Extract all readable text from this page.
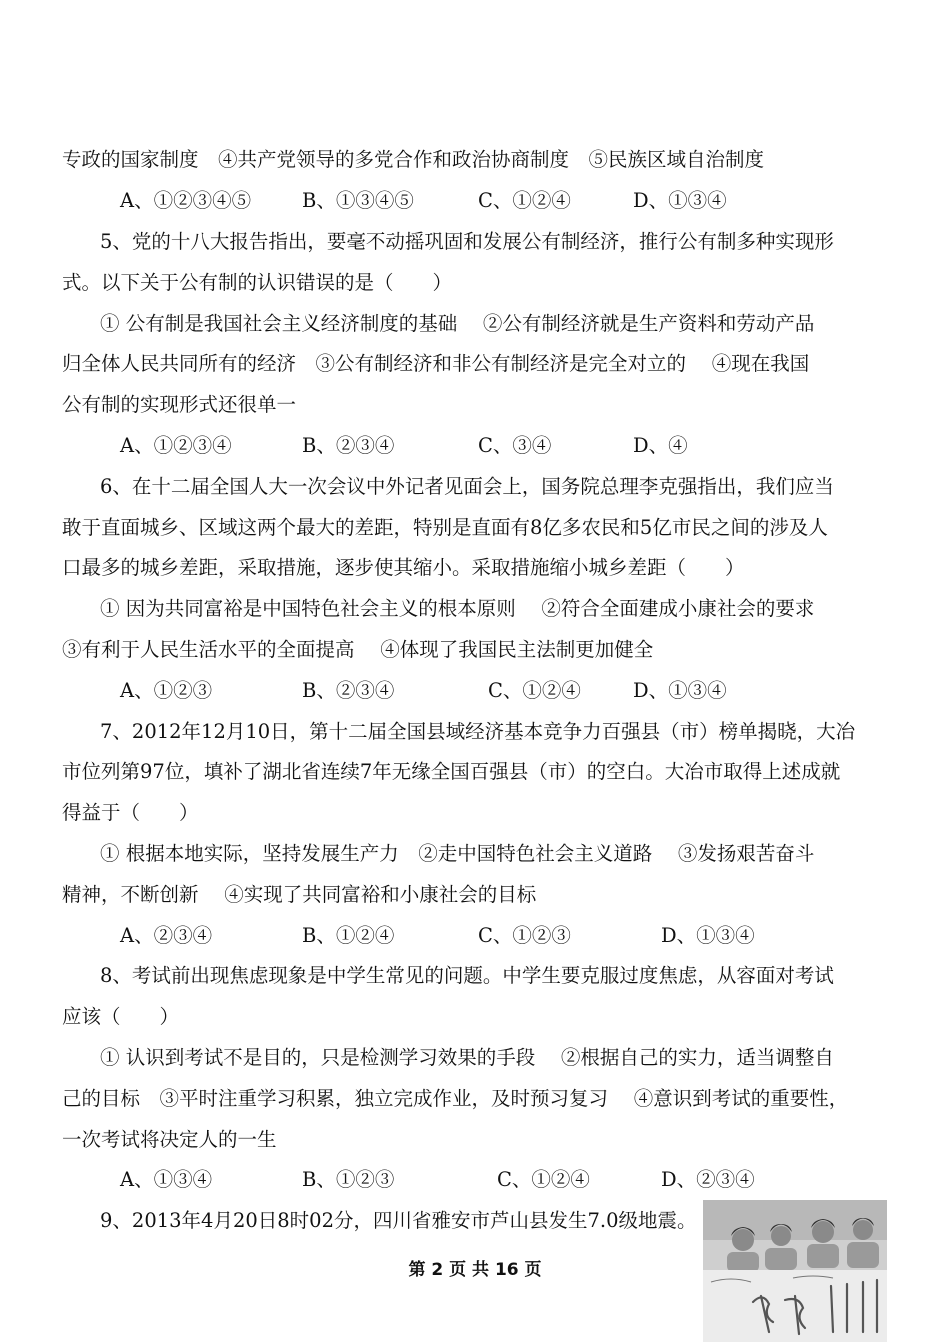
专政的国家制度　④共产党领导的多党合作和政治协商制度　⑤民族区域自治制度
A、①②③④⑤	B、①③④⑤	C、①②④	D、①③④
5、党的十八大报告指出，要毫不动摇巩固和发展公有制经济，推行公有制多种实现形
式。以下关于公有制的认识错误的是（　　）
① 公有制是我国社会主义经济制度的基础　 ②公有制经济就是生产资料和劳动产品
归全体人民共同所有的经济　③公有制经济和非公有制经济是完全对立的　 ④现在我国
公有制的实现形式还很单一
A、①②③④	B、②③④	C、③④	D、④
6、在十二届全国人大一次会议中外记者见面会上，国务院总理李克强指出，我们应当
敢于直面城乡、区域这两个最大的差距，特别是直面有8亿多农民和5亿市民之间的涉及人
口最多的城乡差距，采取措施，逐步使其缩小。采取措施缩小城乡差距（　　）
① 因为共同富裕是中国特色社会主义的根本原则　 ②符合全面建成小康社会的要求
③有利于人民生活水平的全面提高　 ④体现了我国民主法制更加健全
A、①②③	B、②③④	C、①②④	D、①③④
7、2012年12月10日，第十二届全国县域经济基本竞争力百强县（市）榜单揭晓，大冶
市位列第97位，填补了湖北省连续7年无缘全国百强县（市）的空白。大冶市取得上述成就
得益于（　　）
① 根据本地实际，坚持发展生产力　②走中国特色社会主义道路　 ③发扬艰苦奋斗
精神，不断创新　 ④实现了共同富裕和小康社会的目标
A、②③④	B、①②④	C、①②③	D、①③④
8、考试前出现焦虑现象是中学生常见的问题。中学生要克服过度焦虑，从容面对考试
应该（　　）
① 认识到考试不是目的，只是检测学习效果的手段　 ②根据自己的实力，适当调整自
己的目标　③平时注重学习积累，独立完成作业，及时预习复习　 ④意识到考试的重要性，
一次考试将决定人的一生
A、①③④	B、①②③	C、①②④	D、②③④
9、2013年4月20日8时02分，四川省雅安市芦山县发生7.0级地震。
第 2 页 共 16 页
